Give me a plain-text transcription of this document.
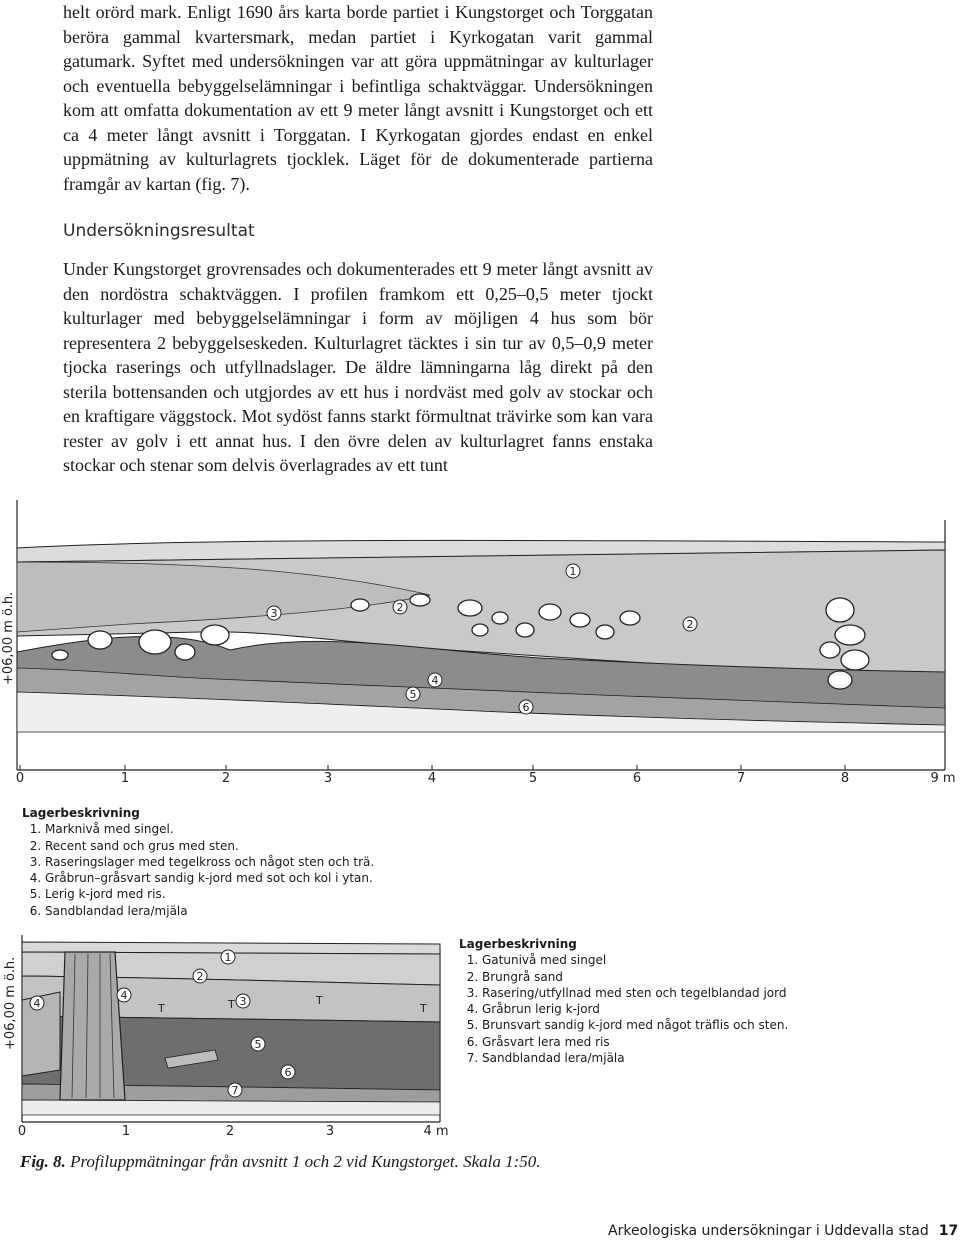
helt orörd mark. Enligt 1690 års karta borde partiet i Kungstorget och Torggatan beröra gammal kvartersmark, medan partiet i Kyrkogatan varit gammal gatumark. Syftet med undersökningen var att göra uppmätningar av kulturlager och eventuella bebyggelselämningar i befintliga schaktväggar. Undersökningen kom att omfatta dokumentation av ett 9 meter långt avsnitt i Kungstorget och ett ca 4 meter långt avsnitt i Torggatan. I Kyrkogatan gjordes endast en enkel uppmätning av kulturlagrets tjocklek. Läget för de dokumenterade partierna framgår av kartan (fig. 7).

Undersökningsresultat

Under Kungstorget grovrensades och dokumenterades ett 9 meter långt avsnitt av den nordöstra schaktväggen. I profilen framkom ett 0,25–0,5 meter tjockt kulturlager med bebyggelselämningar i form av möjligen 4 hus som bör representera 2 bebyggelseskeden. Kulturlagret täcktes i sin tur av 0,5–0,9 meter tjocka raserings och utfyllnadslager. De äldre lämningarna låg direkt på den sterila bottensanden och utgjordes av ett hus i nordväst med golv av stockar och en kraftigare väggstock. Mot sydöst fanns starkt förmultnat trävirke som kan vara rester av golv i ett annat hus. I den övre delen av kulturlagret fanns enstaka stockar och stenar som delvis överlagrades av ett tunt

1
2
2
3
4
5
6
+06,00 m ö.h.
0	1	2	3	4	5	6	7	8	9 m
Lagerbeskrivning
1. Marknivå med singel.
2. Recent sand och grus med sten.
3. Raseringslager med tegelkross och något sten och trä.
4. Gråbrun–gråsvart sandig k-jord med sot och kol i ytan.
5. Lerig k-jord med ris.
6. Sandblandad lera/mjäla
1
2
3
4
4
5
6
7
T	T	T
T
+06,00 m ö.h.
0	1	2	3	4 m
Lagerbeskrivning
1. Gatunivå med singel
2. Brungrå sand
3. Rasering/utfyllnad med sten och tegelblandad jord
4. Gråbrun lerig k-jord
5. Brunsvart sandig k-jord med något träflis och sten.
6. Gråsvart lera med ris
7. Sandblandad lera/mjäla
Fig. 8. Profiluppmätningar från avsnitt 1 och 2 vid Kungstorget. Skala 1:50.
Arkeologiska undersökningar i Uddevalla stad 17
